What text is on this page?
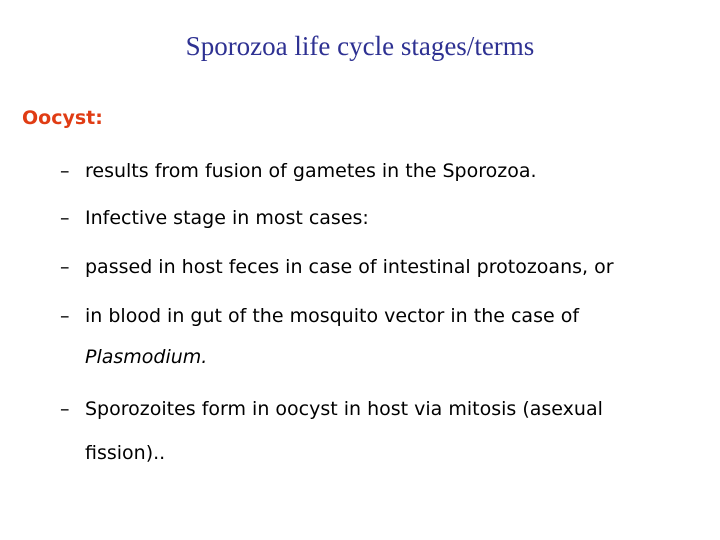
Sporozoa life cycle stages/terms
Oocyst:
– results from fusion of gametes in the Sporozoa.
– Infective stage in most cases:
– passed in host feces in case of intestinal protozoans, or
– in blood in gut of the mosquito vector in the case of
Plasmodium.
– Sporozoites form in oocyst in host via mitosis (asexual
fission)..
